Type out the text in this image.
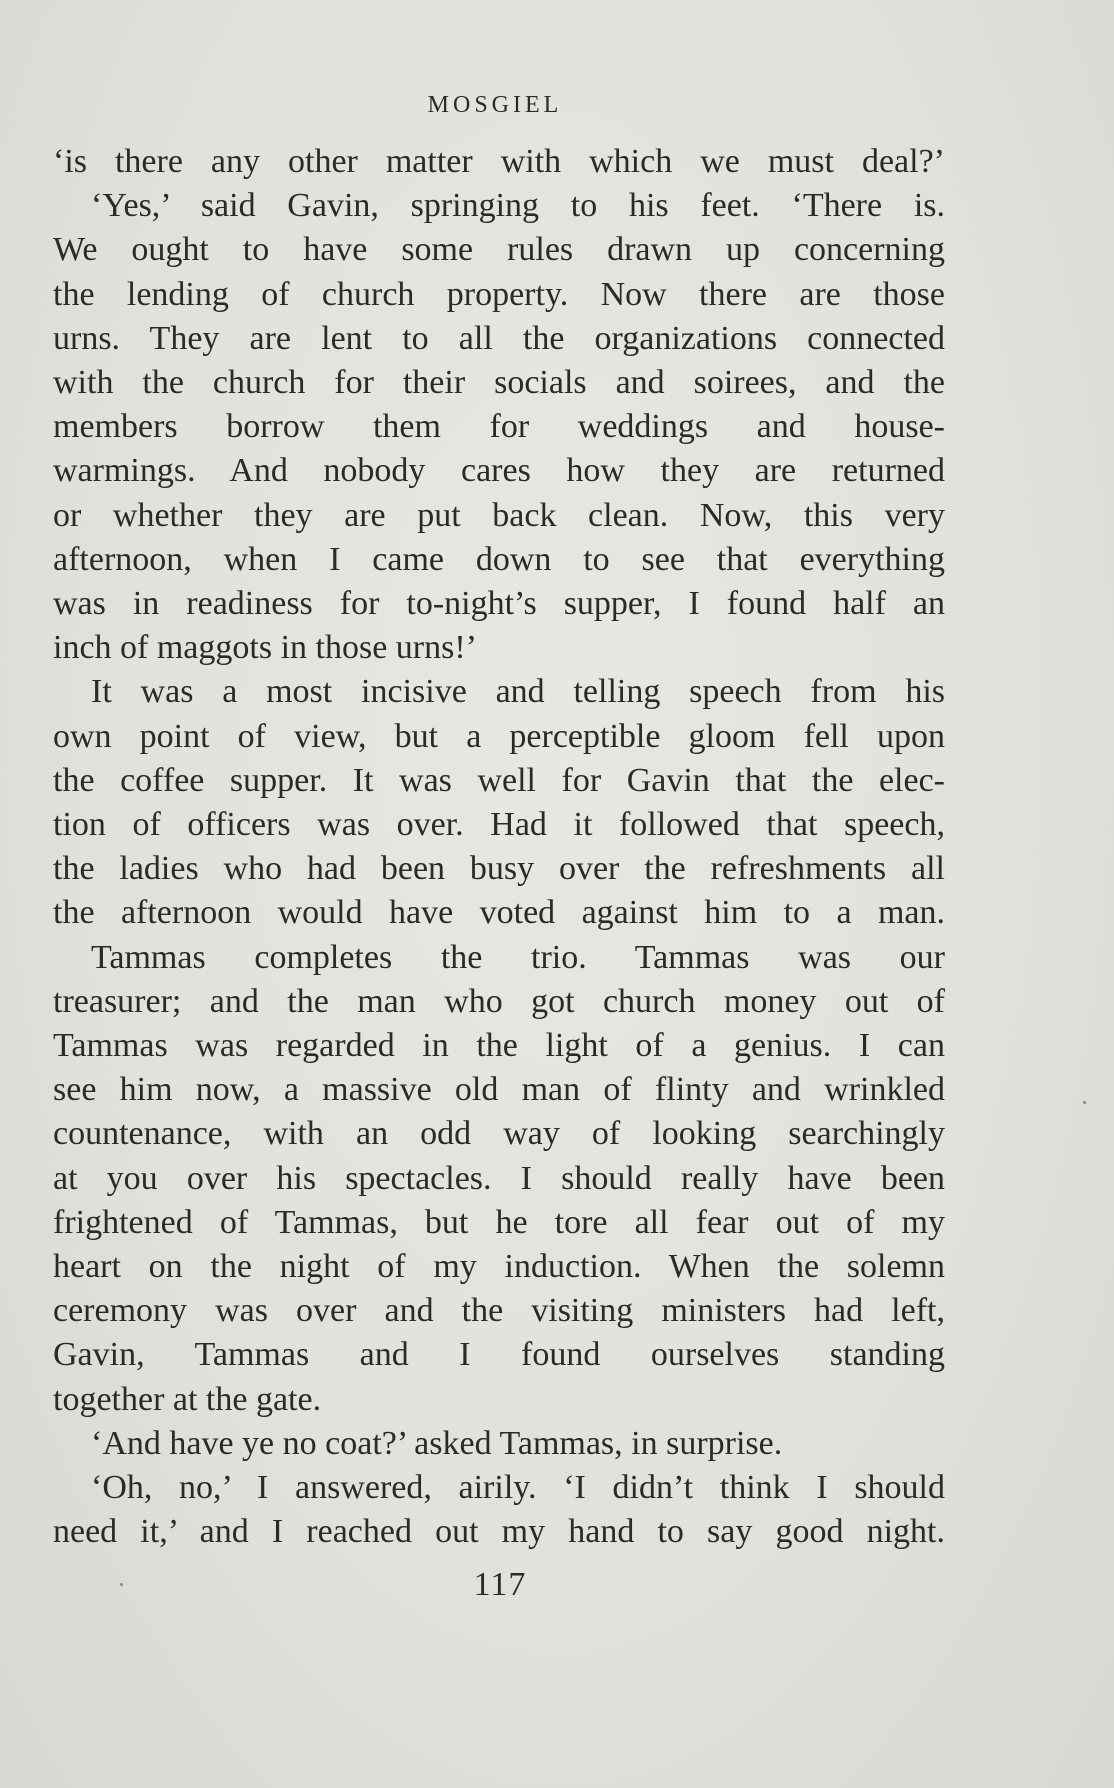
MOSGIEL

‘is there any other matter with which we must deal?’

‘Yes,’ said Gavin, springing to his feet. ‘There is.

We ought to have some rules drawn up concerning

the lending of church property. Now there are those

urns. They are lent to all the organizations connected

with the church for their socials and soirees, and the

members borrow them for weddings and house-

warmings. And nobody cares how they are returned

or whether they are put back clean. Now, this very

afternoon, when I came down to see that everything

was in readiness for to-night’s supper, I found half an

inch of maggots in those urns!’

It was a most incisive and telling speech from his

own point of view, but a perceptible gloom fell upon

the coffee supper. It was well for Gavin that the elec-

tion of officers was over. Had it followed that speech,

the ladies who had been busy over the refreshments all

the afternoon would have voted against him to a man.

Tammas completes the trio. Tammas was our

treasurer; and the man who got church money out of

Tammas was regarded in the light of a genius. I can

see him now, a massive old man of flinty and wrinkled

countenance, with an odd way of looking searchingly

at you over his spectacles. I should really have been

frightened of Tammas, but he tore all fear out of my

heart on the night of my induction. When the solemn

ceremony was over and the visiting ministers had left,

Gavin, Tammas and I found ourselves standing

together at the gate.

‘And have ye no coat?’ asked Tammas, in surprise.

‘Oh, no,’ I answered, airily. ‘I didn’t think I should

need it,’ and I reached out my hand to say good night.

117
